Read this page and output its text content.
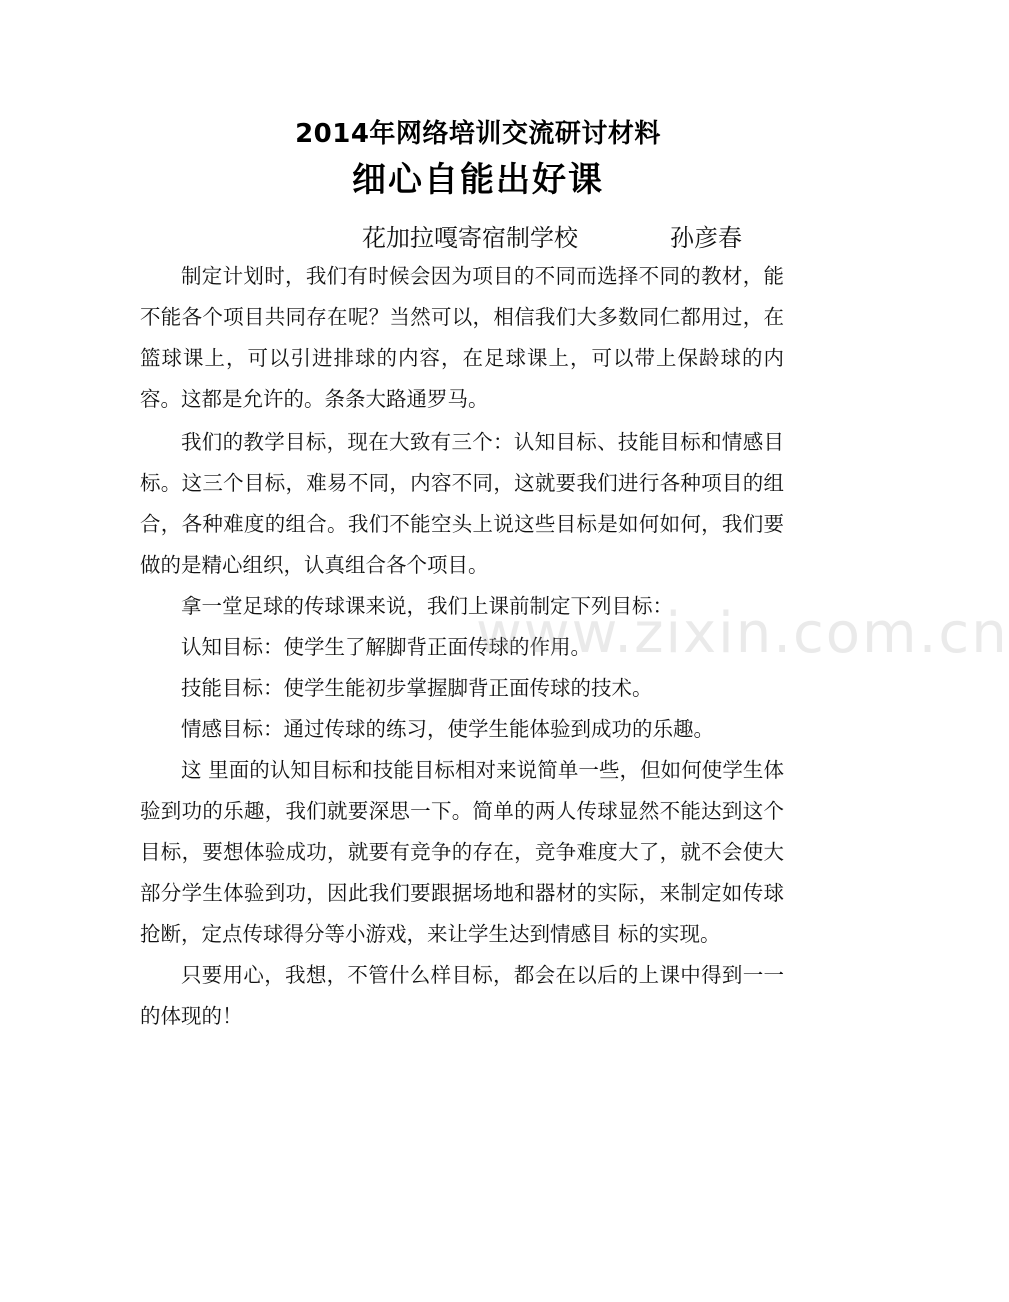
2014年网络培训交流研讨材料
细心自能出好课
花加拉嘎寄宿制学校	孙彦春

制定计划时，我们有时候会因为项目的不同而选择不同的教材，能不能各个项目共同存在呢？当然可以，相信我们大多数同仁都用过，在篮球课上，可以引进排球的内容，在足球课上，可以带上保龄球的内容。这都是允许的。条条大路通罗马。

我们的教学目标，现在大致有三个：认知目标、技能目标和情感目标。这三个目标，难易不同，内容不同，这就要我们进行各种项目的组合，各种难度的组合。我们不能空头上说这些目标是如何如何，我们要做的是精心组织，认真组合各个项目。

拿一堂足球的传球课来说，我们上课前制定下列目标：

认知目标：使学生了解脚背正面传球的作用。

技能目标：使学生能初步掌握脚背正面传球的技术。

情感目标：通过传球的练习，使学生能体验到成功的乐趣。

这 里面的认知目标和技能目标相对来说简单一些，但如何使学生体验到功的乐趣，我们就要深思一下。简单的两人传球显然不能达到这个目标，要想体验成功，就要有竞争的存在，竞争难度大了，就不会使大部分学生体验到功，因此我们要跟据场地和器材的实际，来制定如传球抢断，定点传球得分等小游戏，来让学生达到情感目 标的实现。

只要用心，我想，不管什么样目标，都会在以后的上课中得到一一的体现的！

www.zixin.com.cn
